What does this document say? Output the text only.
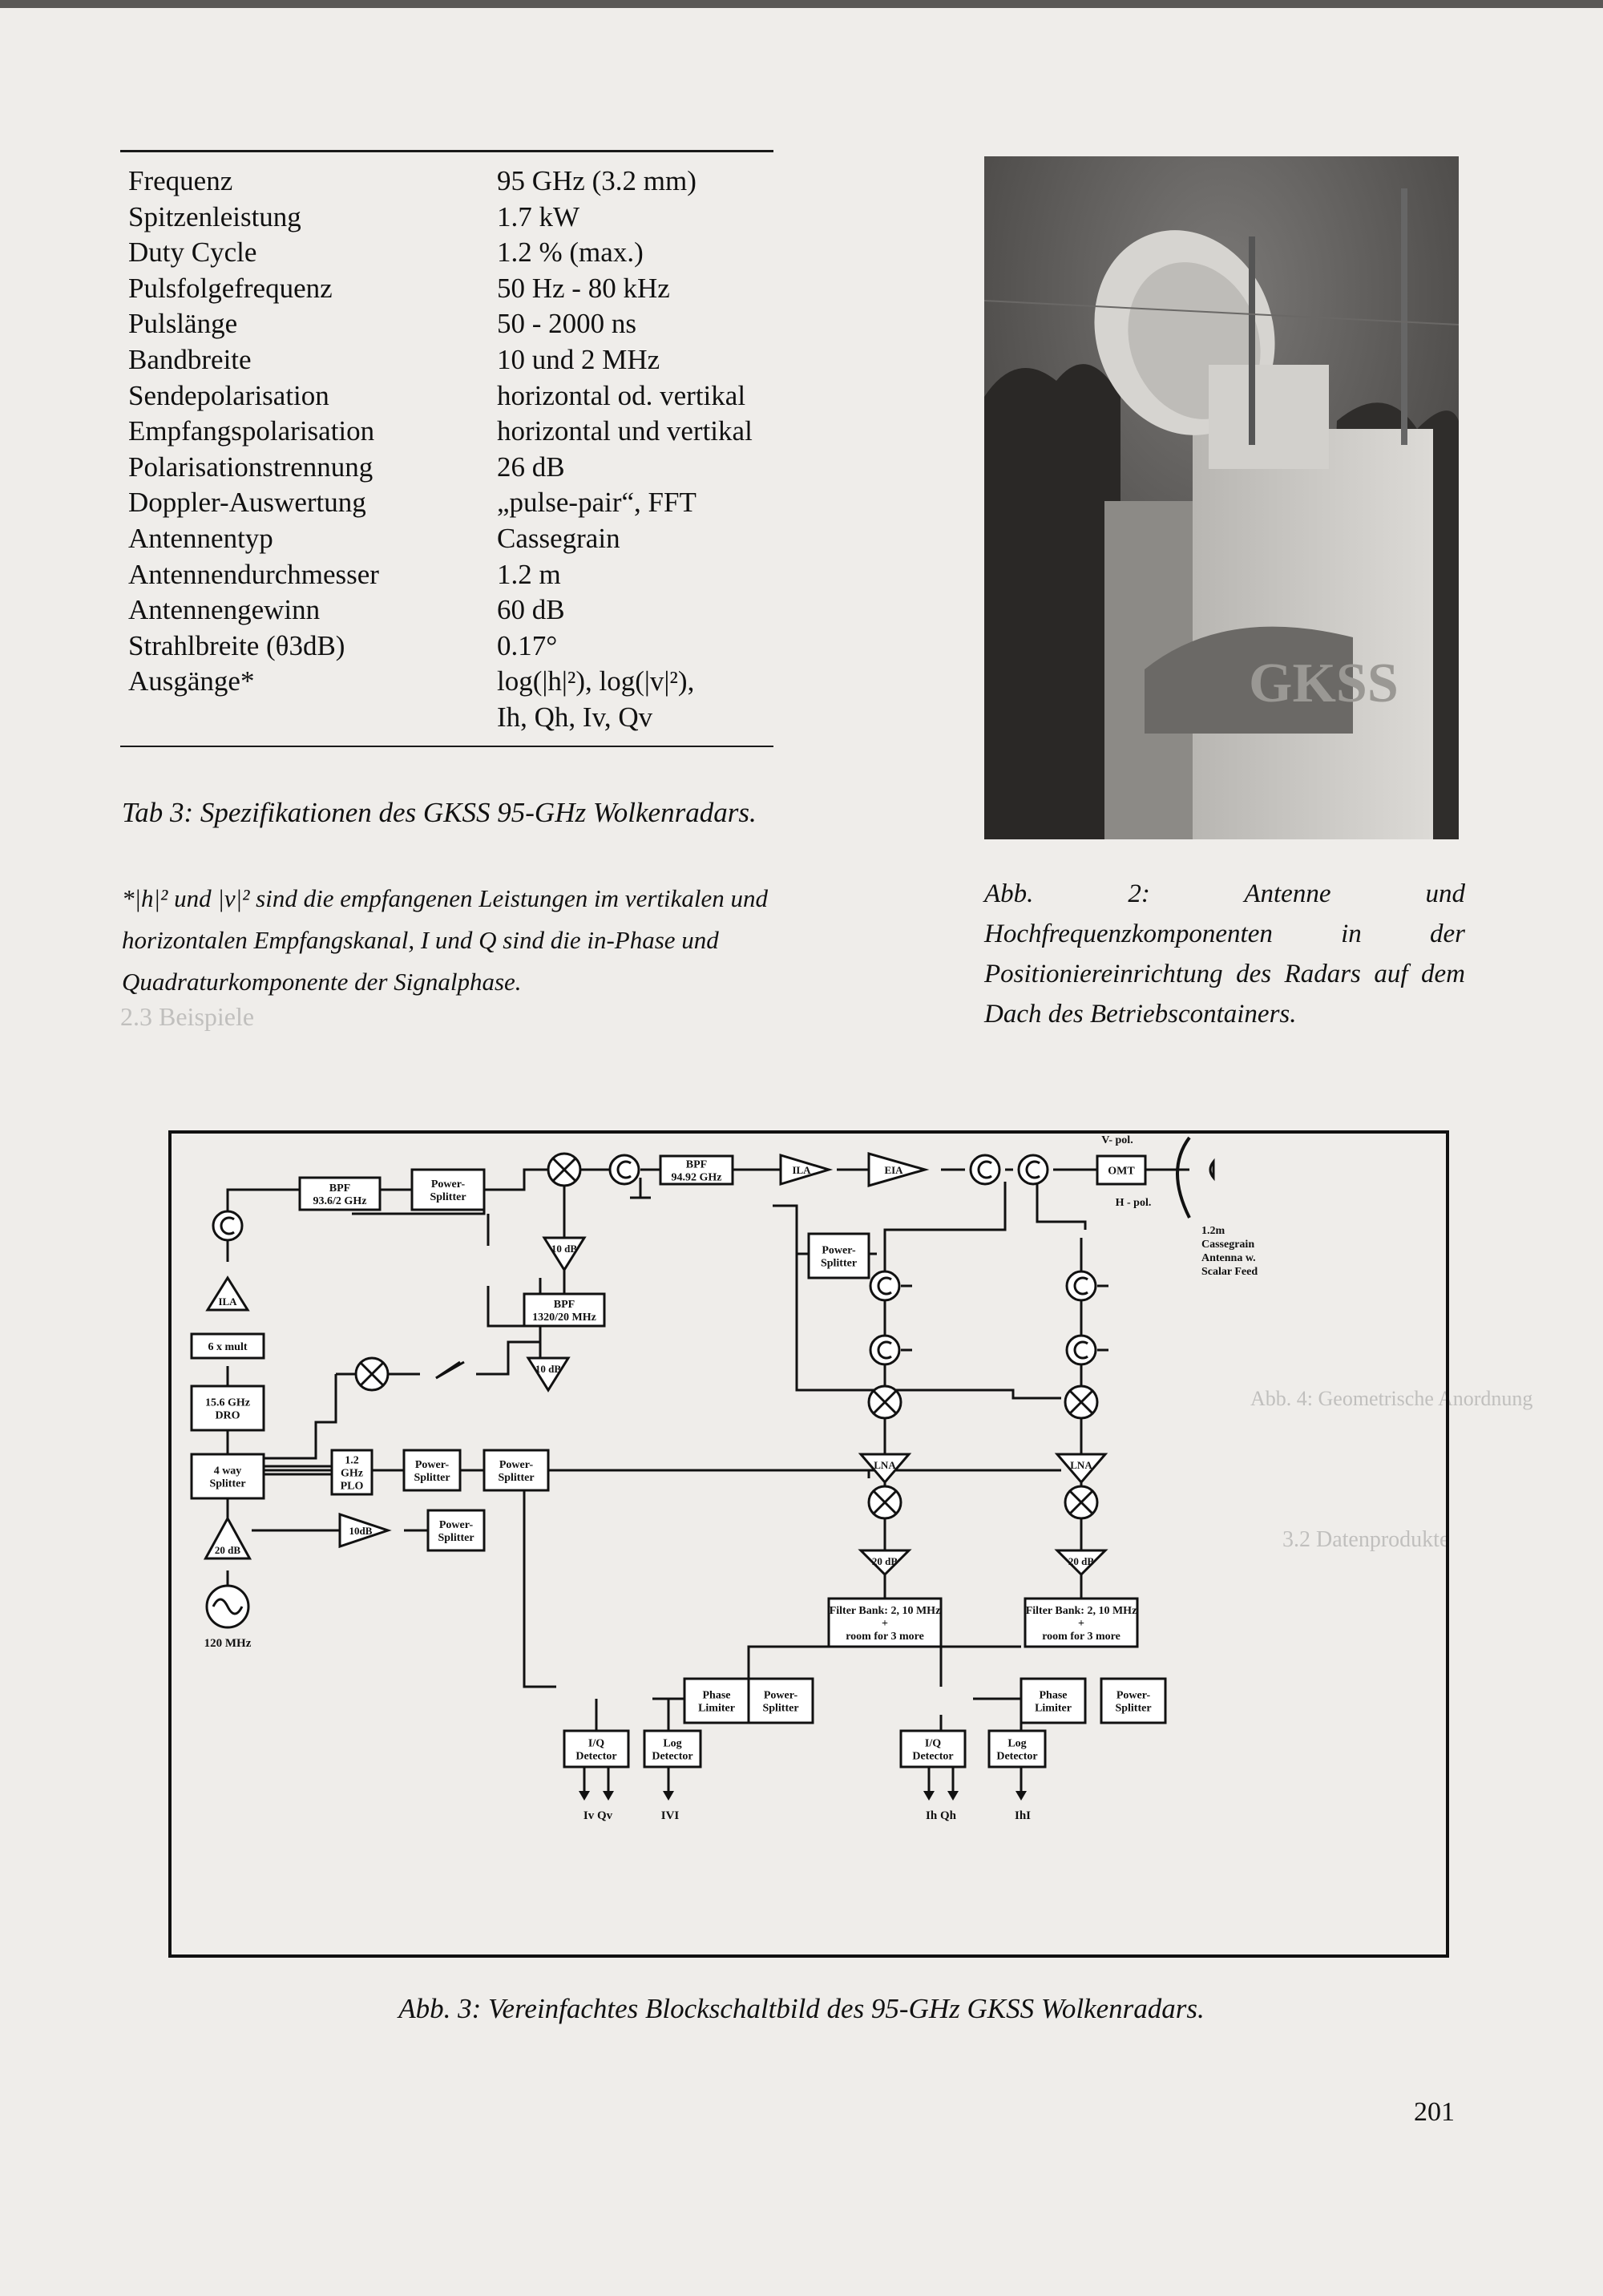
2.3 Beispiele
Abb. 4: Geometrische Anordnung
3.2 Datenprodukte
Frequenz	95 GHz (3.2 mm)
Spitzenleistung	1.7 kW
Duty Cycle	1.2 % (max.)
Pulsfolgefrequenz	50 Hz - 80 kHz
Pulslänge	50 - 2000 ns
Bandbreite	10 und 2 MHz
Sendepolarisation	horizontal od. vertikal
Empfangspolarisation	horizontal und vertikal
Polarisationstrennung	26 dB
Doppler-Auswertung	„pulse-pair“, FFT
Antennentyp	Cassegrain
Antennendurchmesser	1.2 m
Antennengewinn	60 dB
Strahlbreite (θ3dB)	0.17°
Ausgänge*	log(|h|²), log(|v|²),
Ih, Qh, Iv, Qv
Tab 3: Spezifikationen des GKSS 95-GHz Wolkenradars.
*|h|² und |v|² sind die empfangenen Leistungen im vertikalen und horizontalen Empfangskanal, I und Q sind die in-Phase und Quadraturkomponente der Signalphase.
GKSS
Abb. 2: Antenne und Hochfrequenzkomponenten in der Positioniereinrichtung des Radars auf dem Dach des Betriebscontainers.
ILA
6 x mult
15.6 GHz
DRO
4 way
Splitter
20 dB
120 MHz
BPF
93.6/2 GHz
Power-
Splitter
BPF
94.92 GHz
ILA	EIA	OMT
V- pol.
H - pol.
1.2m
Cassegrain
Antenna w.
Scalar Feed
10 dB
BPF
1320/20 MHz
10 dB
1.2
GHz
PLO
Power-
Splitter
Power-
Splitter
10dB	Power-
Splitter
Power-
Splitter
LNA
20 dB
Filter Bank: 2, 10 MHz
+
room for 3 more
LNA
20 dB
Filter Bank: 2, 10 MHz
+
room for 3 more
Phase
Limiter
Power-
Splitter
I/Q
Detector
Log
Detector
Phase
Limiter
Power-
Splitter
I/Q
Detector
Log
Detector
Iv Qv	IVI	Ih Qh	IhI
Abb. 3: Vereinfachtes Blockschaltbild des 95-GHz GKSS Wolkenradars.
201
